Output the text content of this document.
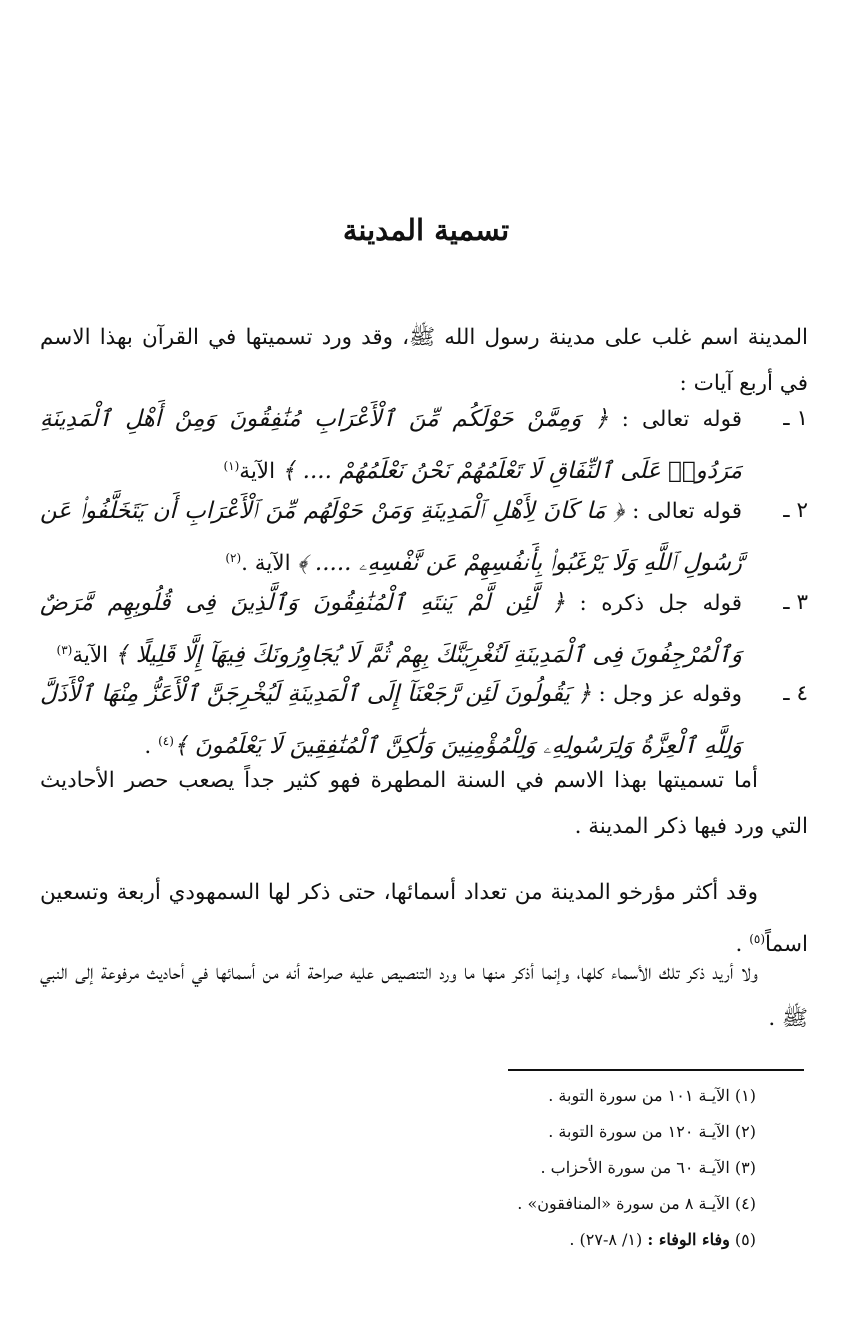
تسمية المدينة

المدينة اسم غلب على مدينة رسول الله ﷺ، وقد ورد تسميتها في القرآن بهذا الاسم في أربع آيات :

١ ـ
قوله تعالى : ﴿ وَمِمَّنْ حَوْلَكُم مِّنَ ٱلْأَعْرَابِ مُنَٰفِقُونَ وَمِنْ أَهْلِ ٱلْمَدِينَةِ مَرَدُوا۟ عَلَى ٱلنِّفَاقِ لَا تَعْلَمُهُمْ نَحْنُ نَعْلَمُهُمْ .... ﴾ الآية$^{(١)}$
٢ ـ
قوله تعالى : ﴿ مَا كَانَ لِأَهْلِ ٱلْمَدِينَةِ وَمَنْ حَوْلَهُم مِّنَ ٱلْأَعْرَابِ أَن يَتَخَلَّفُوا۟ عَن رَّسُولِ ٱللَّهِ وَلَا يَرْغَبُوا۟ بِأَنفُسِهِمْ عَن نَّفْسِهِۦ ..... ﴾ الآية .$^{(٢)}$
٣ ـ
قوله جل ذكره : ﴿ لَّئِن لَّمْ يَنتَهِ ٱلْمُنَٰفِقُونَ وَٱلَّذِينَ فِى قُلُوبِهِم مَّرَضٌ وَٱلْمُرْجِفُونَ فِى ٱلْمَدِينَةِ لَنُغْرِيَنَّكَ بِهِمْ ثُمَّ لَا يُجَاوِرُونَكَ فِيهَآ إِلَّا قَلِيلًا ﴾ الآية$^{(٣)}$
٤ ـ
وقوله عز وجل : ﴿ يَقُولُونَ لَئِن رَّجَعْنَآ إِلَى ٱلْمَدِينَةِ لَيُخْرِجَنَّ ٱلْأَعَزُّ مِنْهَا ٱلْأَذَلَّ وَلِلَّهِ ٱلْعِزَّةُ وَلِرَسُولِهِۦ وَلِلْمُؤْمِنِينَ وَلَٰكِنَّ ٱلْمُنَٰفِقِينَ لَا يَعْلَمُونَ ﴾$^{(٤)}$ .

أما تسميتها بهذا الاسم في السنة المطهرة فهو كثير جداً يصعب حصر الأحاديث التي ورد فيها ذكر المدينة .

وقد أكثر مؤرخو المدينة من تعداد أسمائها، حتى ذكر لها السمهودي أربعة وتسعين اسماً$^{(٥)}$ .

ولا أريد ذكر تلك الأسماء كلها، وإنما أذكر منها ما ورد التنصيص عليه صراحة أنه من أسمائها في أحاديث مرفوعة إلى النبي ﷺ .

(١) الآيـة ١٠١ من سورة التوبة .
(٢) الآيـة ١٢٠ من سورة التوبة .
(٣) الآيـة ٦٠ من سورة الأحزاب .
(٤) الآيـة ٨ من سورة «المنافقون» .
(٥) وفاء الوفاء : (١/ ٨-٢٧) .
